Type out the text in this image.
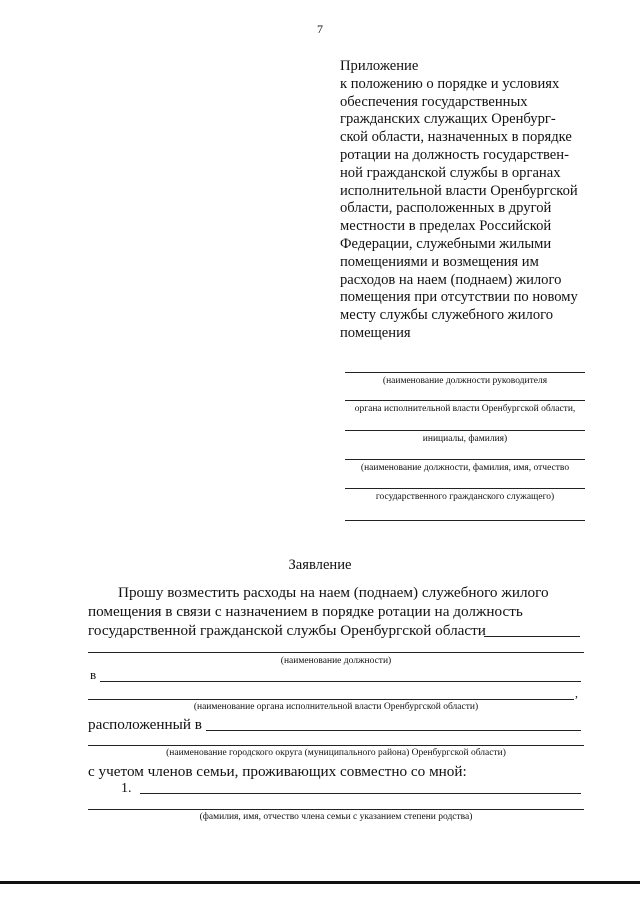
7
Приложение
к положению о порядке и условиях
обеспечения государственных
гражданских служащих Оренбург-
ской области, назначенных в порядке
ротации на должность государствен-
ной гражданской службы в органах
исполнительной власти Оренбургской
области, расположенных в другой
местности в пределах Российской
Федерации, служебными жилыми
помещениями и возмещения им
расходов на наем (поднаем) жилого
помещения при отсутствии по новому
месту службы служебного жилого
помещения
(наименование должности руководителя
органа исполнительной власти Оренбургской области,
инициалы, фамилия)
(наименование должности, фамилия, имя, отчество
государственного гражданского служащего)
Заявление
Прошу возместить расходы на наем (поднаем) служебного жилого
помещения в связи с назначением в порядке ротации на должность
государственной гражданской службы Оренбургской области
(наименование должности)
в
,
(наименование органа исполнительной власти Оренбургской области)
расположенный в
(наименование городского округа (муниципального района) Оренбургской области)
с учетом членов семьи, проживающих совместно со мной:
1.
(фамилия, имя, отчество члена семьи с указанием степени родства)
